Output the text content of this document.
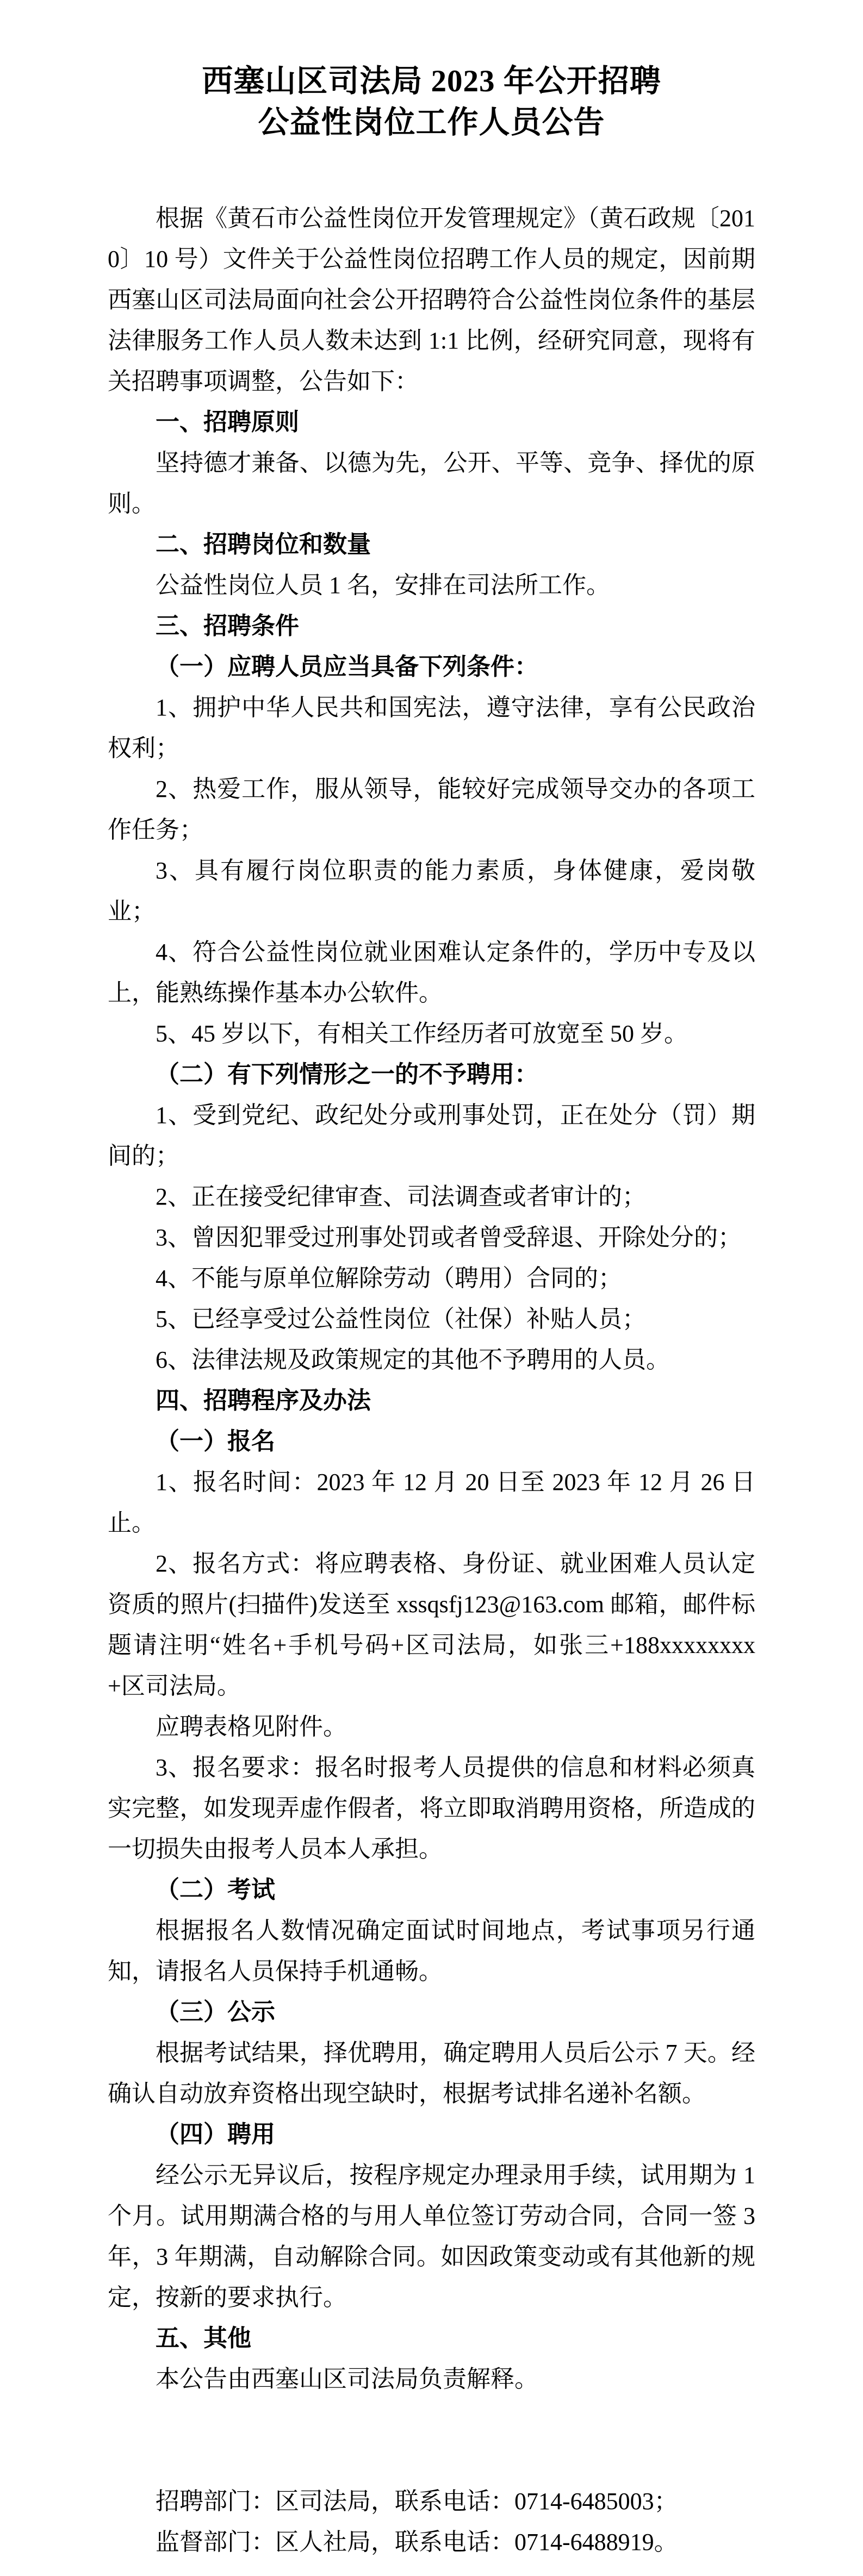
西塞山区司法局 2023 年公开招聘
公益性岗位工作人员公告
根据《黄石市公益性岗位开发管理规定》（黄石政规〔2010〕10 号）文件关于公益性岗位招聘工作人员的规定，因前期西塞山区司法局面向社会公开招聘符合公益性岗位条件的基层法律服务工作人员人数未达到 1:1 比例，经研究同意，现将有关招聘事项调整，公告如下：
一、招聘原则
坚持德才兼备、以德为先，公开、平等、竞争、择优的原则。
二、招聘岗位和数量
公益性岗位人员 1 名，安排在司法所工作。
三、招聘条件
（一）应聘人员应当具备下列条件：
1、拥护中华人民共和国宪法，遵守法律，享有公民政治权利；
2、热爱工作，服从领导，能较好完成领导交办的各项工作任务；
3、具有履行岗位职责的能力素质，身体健康，爱岗敬业；
4、符合公益性岗位就业困难认定条件的，学历中专及以上，能熟练操作基本办公软件。
5、45 岁以下，有相关工作经历者可放宽至 50 岁。
（二）有下列情形之一的不予聘用：
1、受到党纪、政纪处分或刑事处罚，正在处分（罚）期间的；
2、正在接受纪律审查、司法调查或者审计的；
3、曾因犯罪受过刑事处罚或者曾受辞退、开除处分的；
4、不能与原单位解除劳动（聘用）合同的；
5、已经享受过公益性岗位（社保）补贴人员；
6、法律法规及政策规定的其他不予聘用的人员。
四、招聘程序及办法
（一）报名
1、报名时间：2023 年 12 月 20 日至 2023 年 12 月 26 日止。
2、报名方式：将应聘表格、身份证、就业困难人员认定资质的照片(扫描件)发送至 xssqsfj123@163.com 邮箱，邮件标题请注明“姓名+手机号码+区司法局，如张三+188xxxxxxxx+区司法局。
应聘表格见附件。
3、报名要求：报名时报考人员提供的信息和材料必须真实完整，如发现弄虚作假者，将立即取消聘用资格，所造成的一切损失由报考人员本人承担。
（二）考试
根据报名人数情况确定面试时间地点，考试事项另行通知，请报名人员保持手机通畅。
（三）公示
根据考试结果，择优聘用，确定聘用人员后公示 7 天。经确认自动放弃资格出现空缺时，根据考试排名递补名额。
（四）聘用
经公示无异议后，按程序规定办理录用手续，试用期为 1 个月。试用期满合格的与用人单位签订劳动合同，合同一签 3 年，3 年期满，自动解除合同。如因政策变动或有其他新的规定，按新的要求执行。
五、其他
本公告由西塞山区司法局负责解释。
招聘部门：区司法局，联系电话：0714-6485003；
监督部门：区人社局，联系电话：0714-6488919。
